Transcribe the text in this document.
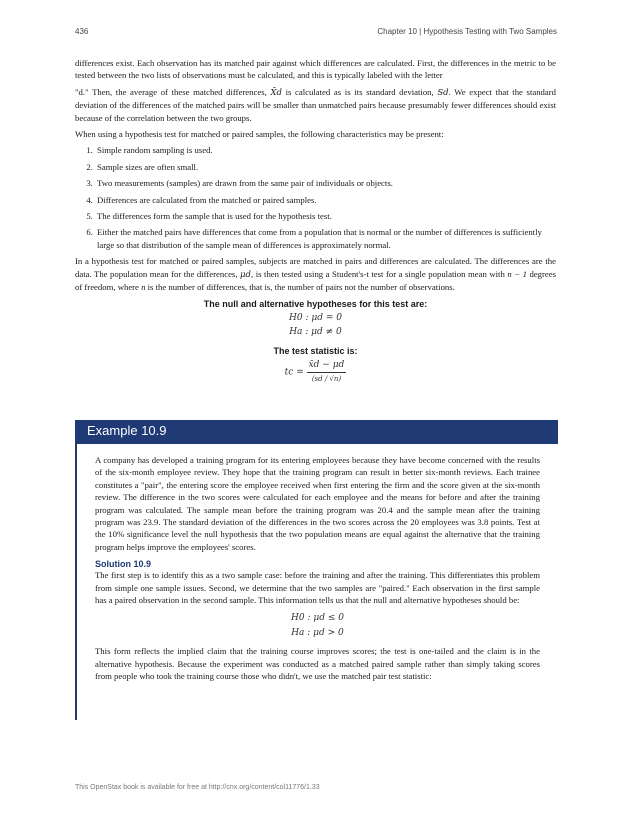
436	Chapter 10 | Hypothesis Testing with Two Samples

differences exist. Each observation has its matched pair against which differences are calculated. First, the differences in the metric to be tested between the two lists of observations must be calculated, and this is typically labeled with the letter

"d." Then, the average of these matched differences, X̄d is calculated as is its standard deviation, Sd. We expect that the standard deviation of the differences of the matched pairs will be smaller than unmatched pairs because presumably fewer differences should exist because of the correlation between the two groups.

When using a hypothesis test for matched or paired samples, the following characteristics may be present:

1. Simple random sampling is used.
2. Sample sizes are often small.
3. Two measurements (samples) are drawn from the same pair of individuals or objects.
4. Differences are calculated from the matched or paired samples.
5. The differences form the sample that is used for the hypothesis test.
6. Either the matched pairs have differences that come from a population that is normal or the number of differences is sufficiently large so that distribution of the sample mean of differences is approximately normal.

In a hypothesis test for matched or paired samples, subjects are matched in pairs and differences are calculated. The differences are the data. The population mean for the differences, μd, is then tested using a Student's-t test for a single population mean with n − 1 degrees of freedom, where n is the number of differences, that is, the number of pairs not the number of observations.

The null and alternative hypotheses for this test are:
H0 : μd = 0
Ha : μd ≠ 0
The test statistic is:
tc = $\frac{x̄d - \mu d}{(sd / √n)}$
Example 10.9

A company has developed a training program for its entering employees because they have become concerned with the results of the six-month employee review. They hope that the training program can result in better six-month reviews. Each trainee constitutes a "pair", the entering score the employee received when first entering the firm and the score given at the six-month review. The difference in the two scores were calculated for each employee and the means for before and after the training program was calculated. The sample mean before the training program was 20.4 and the sample mean after the training program was 23.9. The standard deviation of the differences in the two scores across the 20 employees was 3.8 points. Test at the 10% significance level the null hypothesis that the two population means are equal against the alternative that the training program helps improve the employees' scores.

Solution 10.9

The first step is to identify this as a two sample case: before the training and after the training. This differentiates this problem from simple one sample issues. Second, we determine that the two samples are "paired." Each observation in the first sample has a paired observation in the second sample. This information tells us that the null and alternative hypotheses should be:

H0 : μd ≤ 0
Ha : μd > 0

This form reflects the implied claim that the training course improves scores; the test is one-tailed and the claim is in the alternative hypothesis. Because the experiment was conducted as a matched paired sample rather than simply taking scores from people who took the training course those who didn't, we use the matched pair test statistic:

This OpenStax book is available for free at http://cnx.org/content/col11776/1.33
